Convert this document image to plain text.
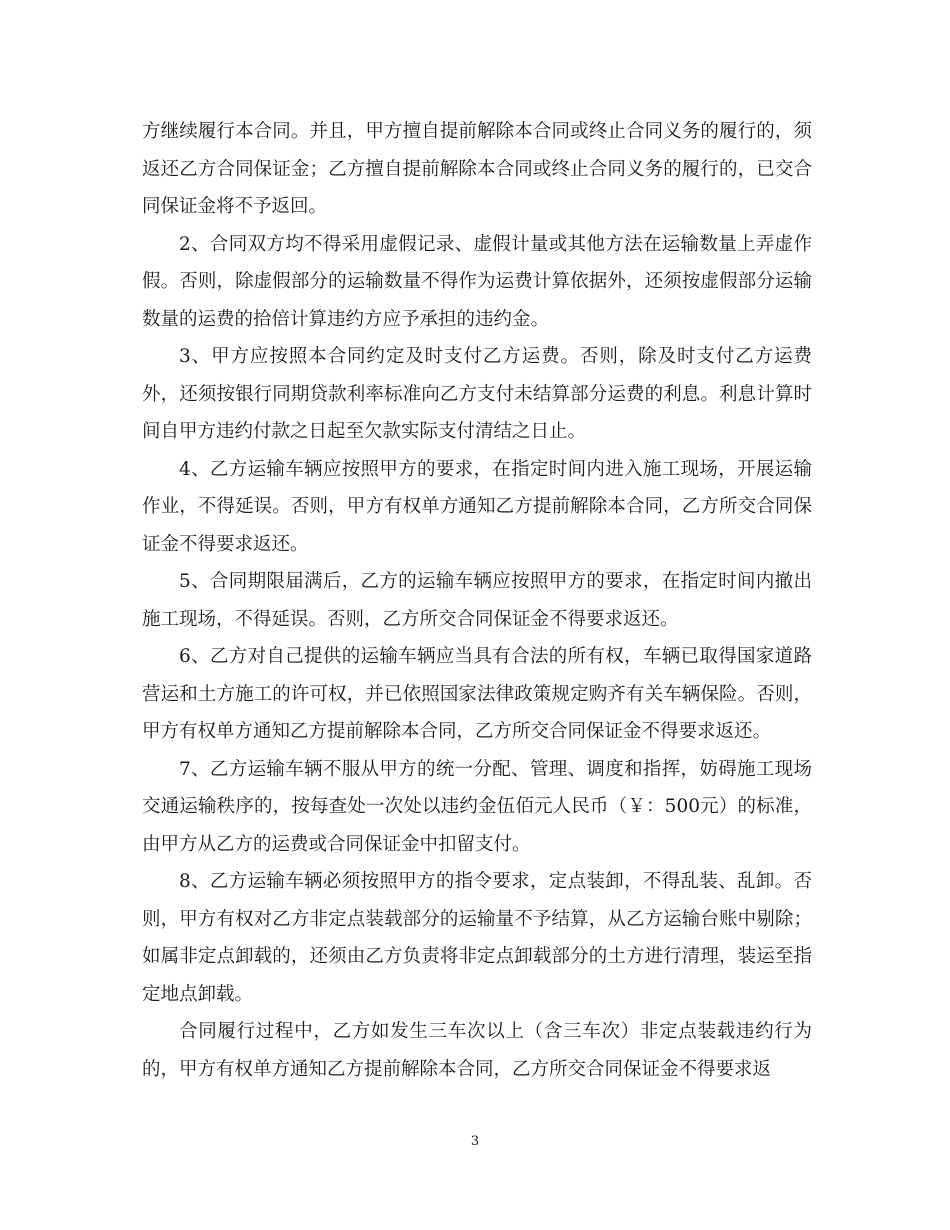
方继续履行本合同。并且，甲方擅自提前解除本合同或终止合同义务的履行的，须返还乙方合同保证金；乙方擅自提前解除本合同或终止合同义务的履行的，已交合同保证金将不予返回。

2、合同双方均不得采用虚假记录、虚假计量或其他方法在运输数量上弄虚作假。否则，除虚假部分的运输数量不得作为运费计算依据外，还须按虚假部分运输数量的运费的拾倍计算违约方应予承担的违约金。

3、甲方应按照本合同约定及时支付乙方运费。否则，除及时支付乙方运费外，还须按银行同期贷款利率标准向乙方支付未结算部分运费的利息。利息计算时间自甲方违约付款之日起至欠款实际支付清结之日止。

4、乙方运输车辆应按照甲方的要求，在指定时间内进入施工现场，开展运输作业，不得延误。否则，甲方有权单方通知乙方提前解除本合同，乙方所交合同保证金不得要求返还。

5、合同期限届满后，乙方的运输车辆应按照甲方的要求，在指定时间内撤出施工现场，不得延误。否则，乙方所交合同保证金不得要求返还。

6、乙方对自己提供的运输车辆应当具有合法的所有权，车辆已取得国家道路营运和土方施工的许可权，并已依照国家法律政策规定购齐有关车辆保险。否则，甲方有权单方通知乙方提前解除本合同，乙方所交合同保证金不得要求返还。

7、乙方运输车辆不服从甲方的统一分配、管理、调度和指挥，妨碍施工现场交通运输秩序的，按每查处一次处以违约金伍佰元人民币（￥：500元）的标准，由甲方从乙方的运费或合同保证金中扣留支付。

8、乙方运输车辆必须按照甲方的指令要求，定点装卸，不得乱装、乱卸。否则，甲方有权对乙方非定点装载部分的运输量不予结算，从乙方运输台账中剔除；如属非定点卸载的，还须由乙方负责将非定点卸载部分的土方进行清理，装运至指定地点卸载。

合同履行过程中，乙方如发生三车次以上（含三车次）非定点装载违约行为的，甲方有权单方通知乙方提前解除本合同，乙方所交合同保证金不得要求返

3
